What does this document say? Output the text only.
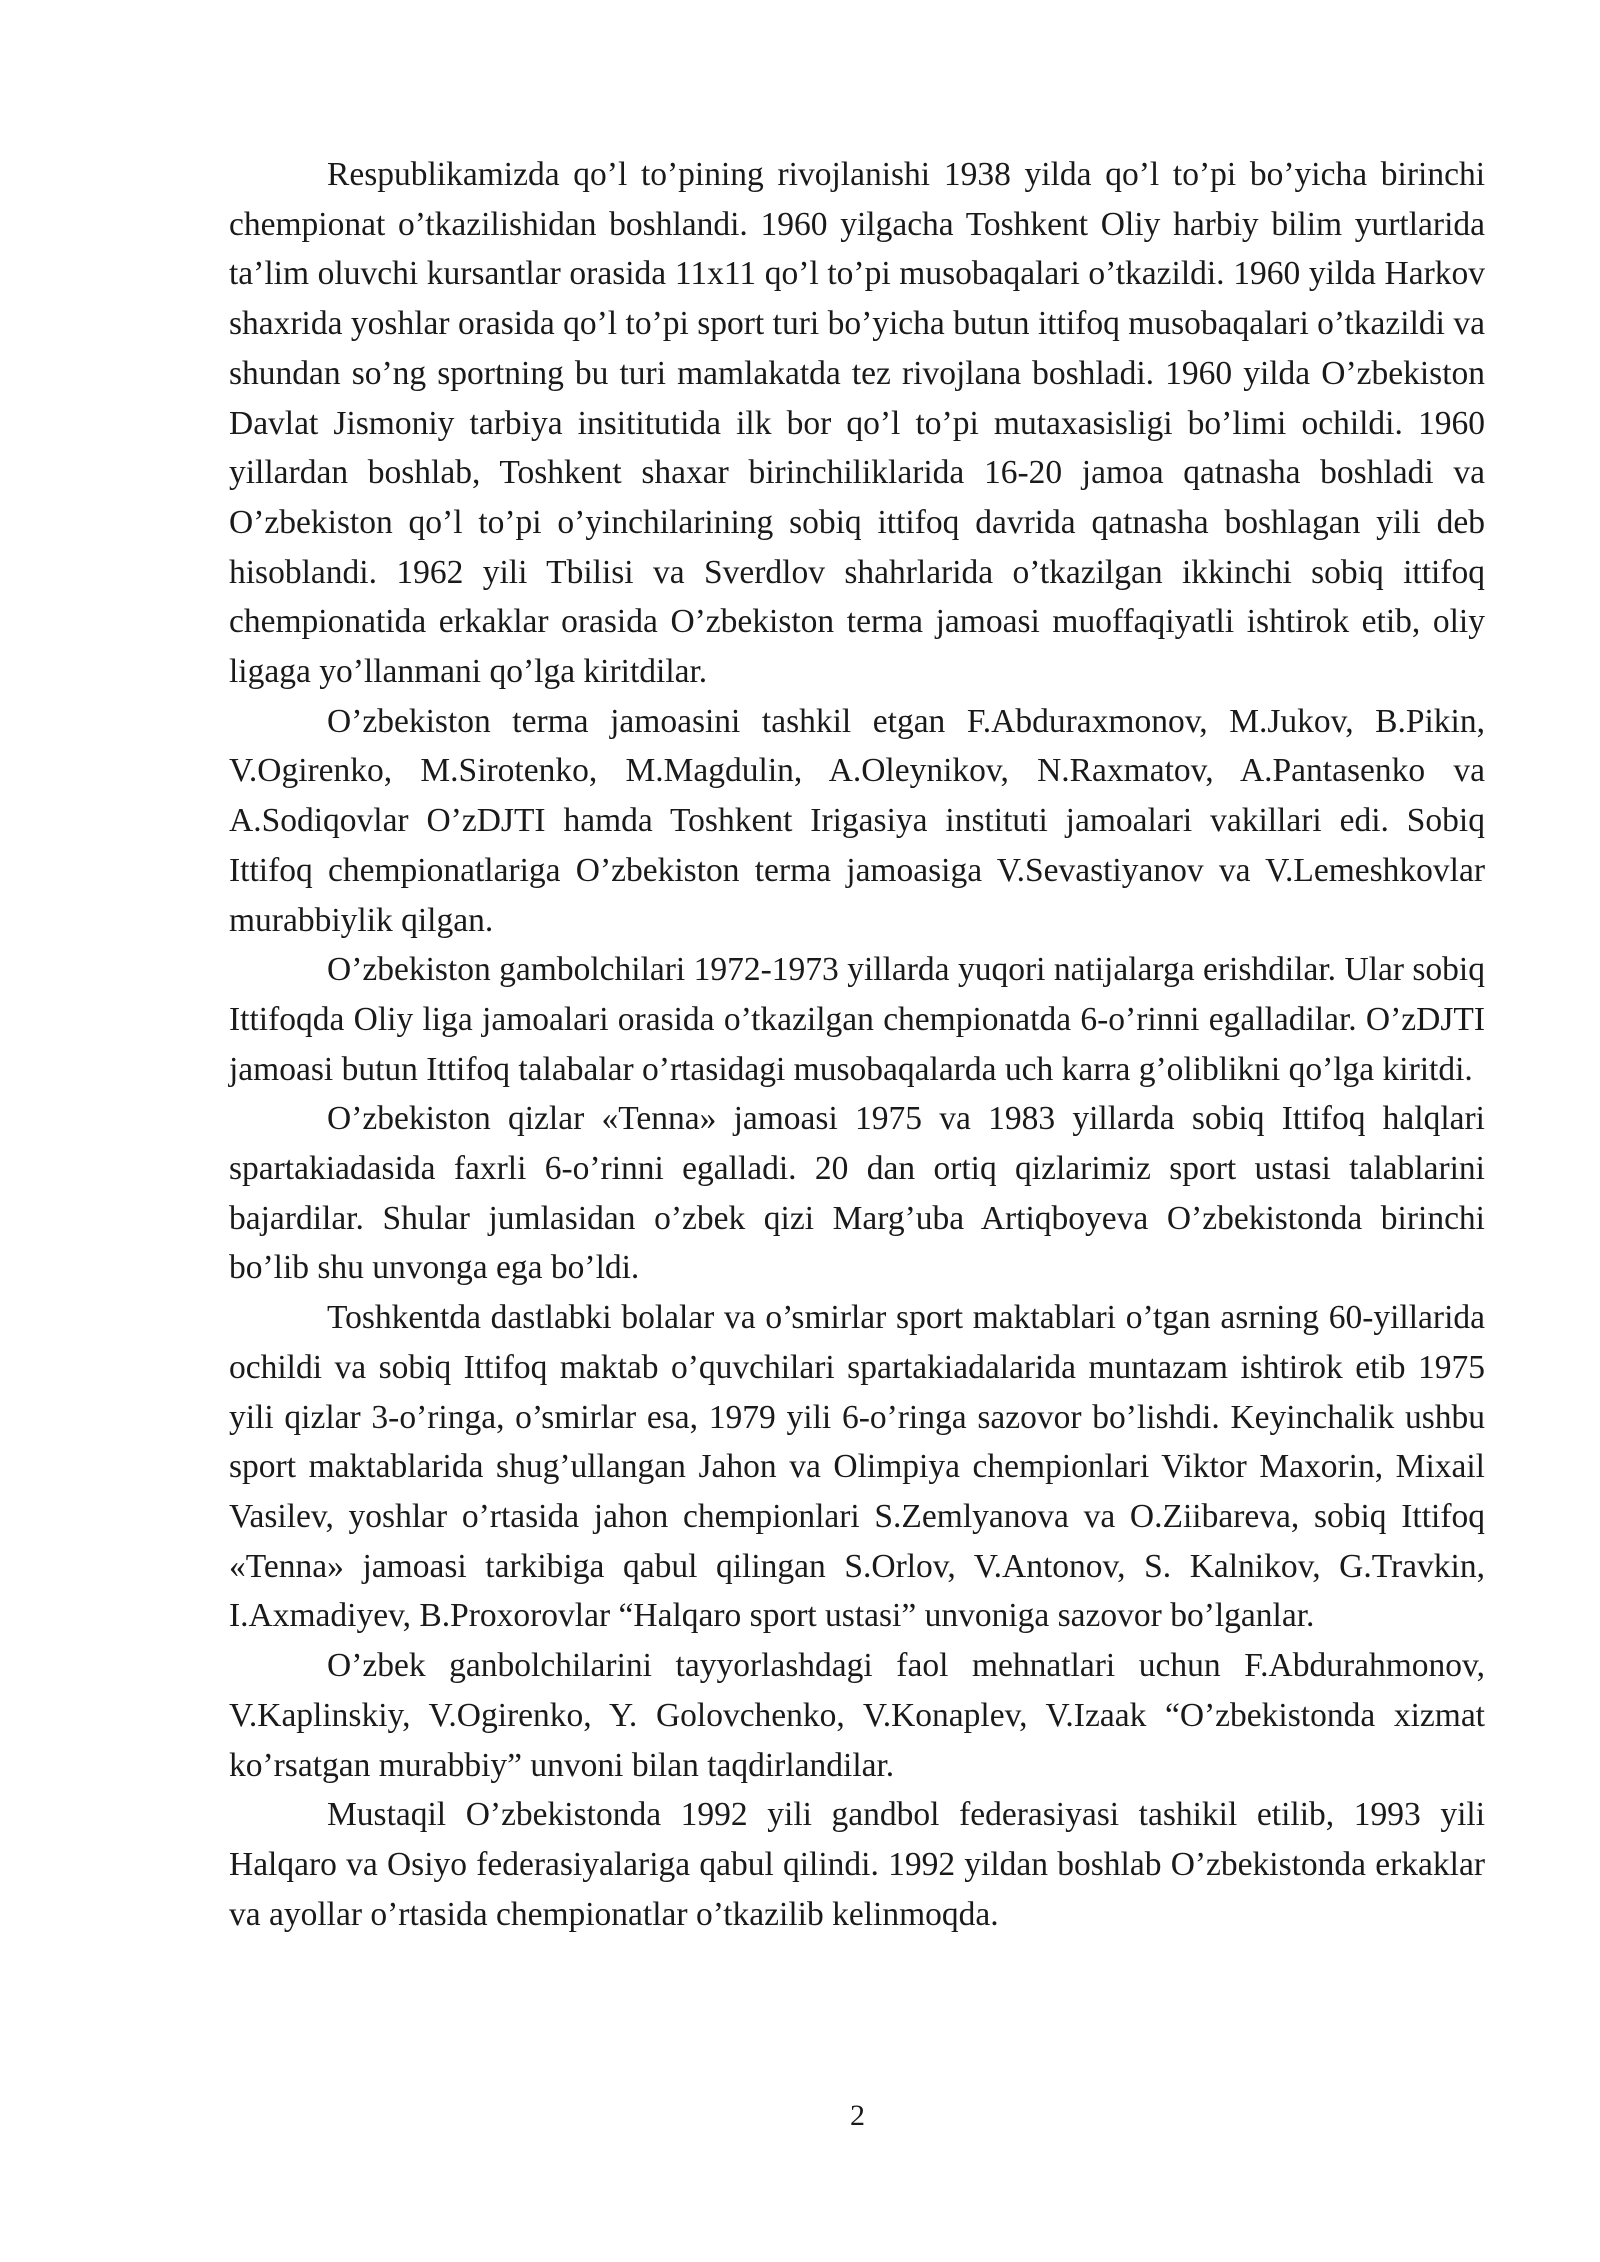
Respublikamizda qo’l to’pining rivojlanishi 1938 yilda qo’l to’pi bo’yicha birinchi chempionat o’tkazilishidan boshlandi. 1960 yilgacha Toshkent Oliy harbiy bilim yurtlarida ta’lim oluvchi kursantlar orasida 11x11 qo’l to’pi musobaqalari o’tkazildi. 1960 yilda Harkov shaxrida yoshlar orasida qo’l to’pi sport turi bo’yicha butun ittifoq musobaqalari o’tkazildi va shundan so’ng sportning bu turi mamlakatda tez rivojlana boshladi. 1960 yilda O’zbekiston Davlat Jismoniy tarbiya insititutida ilk bor qo’l to’pi mutaxasisligi bo’limi ochildi. 1960 yillardan boshlab, Toshkent shaxar birinchiliklarida 16-20 jamoa qatnasha boshladi va O’zbekiston qo’l to’pi o’yinchilarining sobiq ittifoq davrida qatnasha boshlagan yili deb hisoblandi. 1962 yili Tbilisi va Sverdlov shahrlarida o’tkazilgan ikkinchi sobiq ittifoq chempionatida erkaklar orasida O’zbekiston terma jamoasi muoffaqiyatli ishtirok etib, oliy ligaga yo’llanmani qo’lga kiritdilar.

O’zbekiston terma jamoasini tashkil etgan F.Abduraxmonov, M.Jukov, B.Pikin, V.Ogirenko, M.Sirotenko, M.Magdulin, A.Oleynikov, N.Raxmatov, A.Pantasenko va A.Sodiqovlar O’zDJTI hamda Toshkent Irigasiya instituti jamoalari vakillari edi. Sobiq Ittifoq chempionatlariga O’zbekiston terma jamoasiga V.Sevastiyanov va V.Lemeshkovlar murabbiylik qilgan.

O’zbekiston gambolchilari 1972-1973 yillarda yuqori natijalarga erishdilar. Ular sobiq Ittifoqda Oliy liga jamoalari orasida o’tkazilgan chempionatda 6-o’rinni egalladilar. O’zDJTI jamoasi butun Ittifoq talabalar o’rtasidagi musobaqalarda uch karra g’oliblikni qo’lga kiritdi.

O’zbekiston qizlar «Tenna» jamoasi 1975 va 1983 yillarda sobiq Ittifoq halqlari spartakiadasida faxrli 6-o’rinni egalladi. 20 dan ortiq qizlarimiz sport ustasi talablarini bajardilar. Shular jumlasidan o’zbek qizi Marg’uba Artiqboyeva O’zbekistonda birinchi bo’lib shu unvonga ega bo’ldi.

Toshkentda dastlabki bolalar va o’smirlar sport maktablari o’tgan asrning 60-yillarida ochildi va sobiq Ittifoq maktab o’quvchilari spartakiadalarida muntazam ishtirok etib 1975 yili qizlar 3-o’ringa, o’smirlar esa, 1979 yili 6-o’ringa sazovor bo’lishdi. Keyinchalik ushbu sport maktablarida shug’ullangan Jahon va Olimpiya chempionlari Viktor Maxorin, Mixail Vasilev, yoshlar o’rtasida jahon chempionlari S.Zemlyanova va O.Ziibareva, sobiq Ittifoq «Tenna» jamoasi tarkibiga qabul qilingan S.Orlov, V.Antonov, S. Kalnikov, G.Travkin, I.Axmadiyev, B.Proxorovlar “Halqaro sport ustasi” unvoniga sazovor bo’lganlar.

O’zbek ganbolchilarini tayyorlashdagi faol mehnatlari uchun F.Abdurahmonov, V.Kaplinskiy, V.Ogirenko, Y. Golovchenko, V.Konaplev, V.Izaak “O’zbekistonda xizmat ko’rsatgan murabbiy” unvoni bilan taqdirlandilar.

Mustaqil O’zbekistonda 1992 yili gandbol federasiyasi tashikil etilib, 1993 yili Halqaro va Osiyo federasiyalariga qabul qilindi. 1992 yildan boshlab O’zbekistonda erkaklar va ayollar o’rtasida chempionatlar o’tkazilib kelinmoqda.

2
